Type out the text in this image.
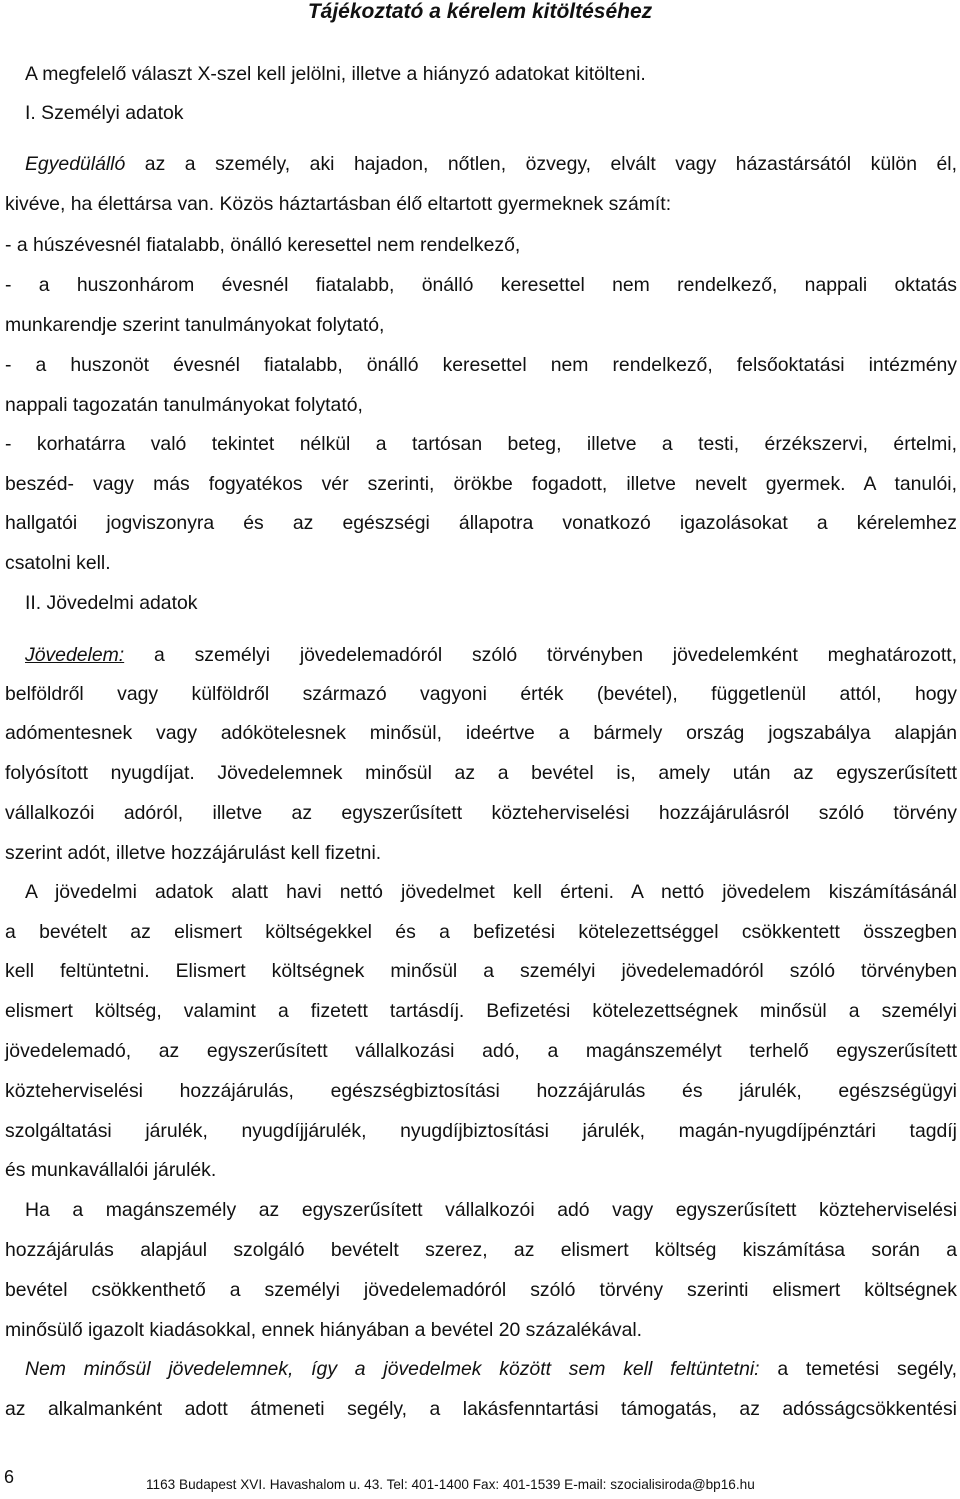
Tájékoztató a kérelem kitöltéséhez
A megfelelő választ X-szel kell jelölni, illetve a hiányzó adatokat kitölteni.
I. Személyi adatok
Egyedülálló az a személy, aki hajadon, nőtlen, özvegy, elvált vagy házastársától külön él,
kivéve, ha élettársa van. Közös háztartásban élő eltartott gyermeknek számít:
- a húszévesnél fiatalabb, önálló keresettel nem rendelkező,
- a huszonhárom évesnél fiatalabb, önálló keresettel nem rendelkező, nappali oktatás
munkarendje szerint tanulmányokat folytató,
- a huszonöt évesnél fiatalabb, önálló keresettel nem rendelkező, felsőoktatási intézmény
nappali tagozatán tanulmányokat folytató,
- korhatárra való tekintet nélkül a tartósan beteg, illetve a testi, érzékszervi, értelmi,
beszéd- vagy más fogyatékos vér szerinti, örökbe fogadott, illetve nevelt gyermek. A tanulói,
hallgatói jogviszonyra és az egészségi állapotra vonatkozó igazolásokat a kérelemhez
csatolni kell.
II. Jövedelmi adatok
Jövedelem: a személyi jövedelemadóról szóló törvényben jövedelemként meghatározott,
belföldről vagy külföldről származó vagyoni érték (bevétel), függetlenül attól, hogy
adómentesnek vagy adókötelesnek minősül, ideértve a bármely ország jogszabálya alapján
folyósított nyugdíjat. Jövedelemnek minősül az a bevétel is, amely után az egyszerűsített
vállalkozói adóról, illetve az egyszerűsített közteherviselési hozzájárulásról szóló törvény
szerint adót, illetve hozzájárulást kell fizetni.
A jövedelmi adatok alatt havi nettó jövedelmet kell érteni. A nettó jövedelem kiszámításánál
a bevételt az elismert költségekkel és a befizetési kötelezettséggel csökkentett összegben
kell feltüntetni. Elismert költségnek minősül a személyi jövedelemadóról szóló törvényben
elismert költség, valamint a fizetett tartásdíj. Befizetési kötelezettségnek minősül a személyi
jövedelemadó, az egyszerűsített vállalkozási adó, a magánszemélyt terhelő egyszerűsített
közteherviselési hozzájárulás, egészségbiztosítási hozzájárulás és járulék, egészségügyi
szolgáltatási járulék, nyugdíjjárulék, nyugdíjbiztosítási járulék, magán-nyugdíjpénztári tagdíj
és munkavállalói járulék.
Ha a magánszemély az egyszerűsített vállalkozói adó vagy egyszerűsített közteherviselési
hozzájárulás alapjául szolgáló bevételt szerez, az elismert költség kiszámítása során a
bevétel csökkenthető a személyi jövedelemadóról szóló törvény szerinti elismert költségnek
minősülő igazolt kiadásokkal, ennek hiányában a bevétel 20 százalékával.
Nem minősül jövedelemnek, így a jövedelmek között sem kell feltüntetni: a temetési segély,
az alkalmanként adott átmeneti segély, a lakásfenntartási támogatás, az adósságcsökkentési
6	1163 Budapest XVI. Havashalom u. 43. Tel: 401-1400 Fax: 401-1539 E-mail: szocialisiroda@bp16.hu
